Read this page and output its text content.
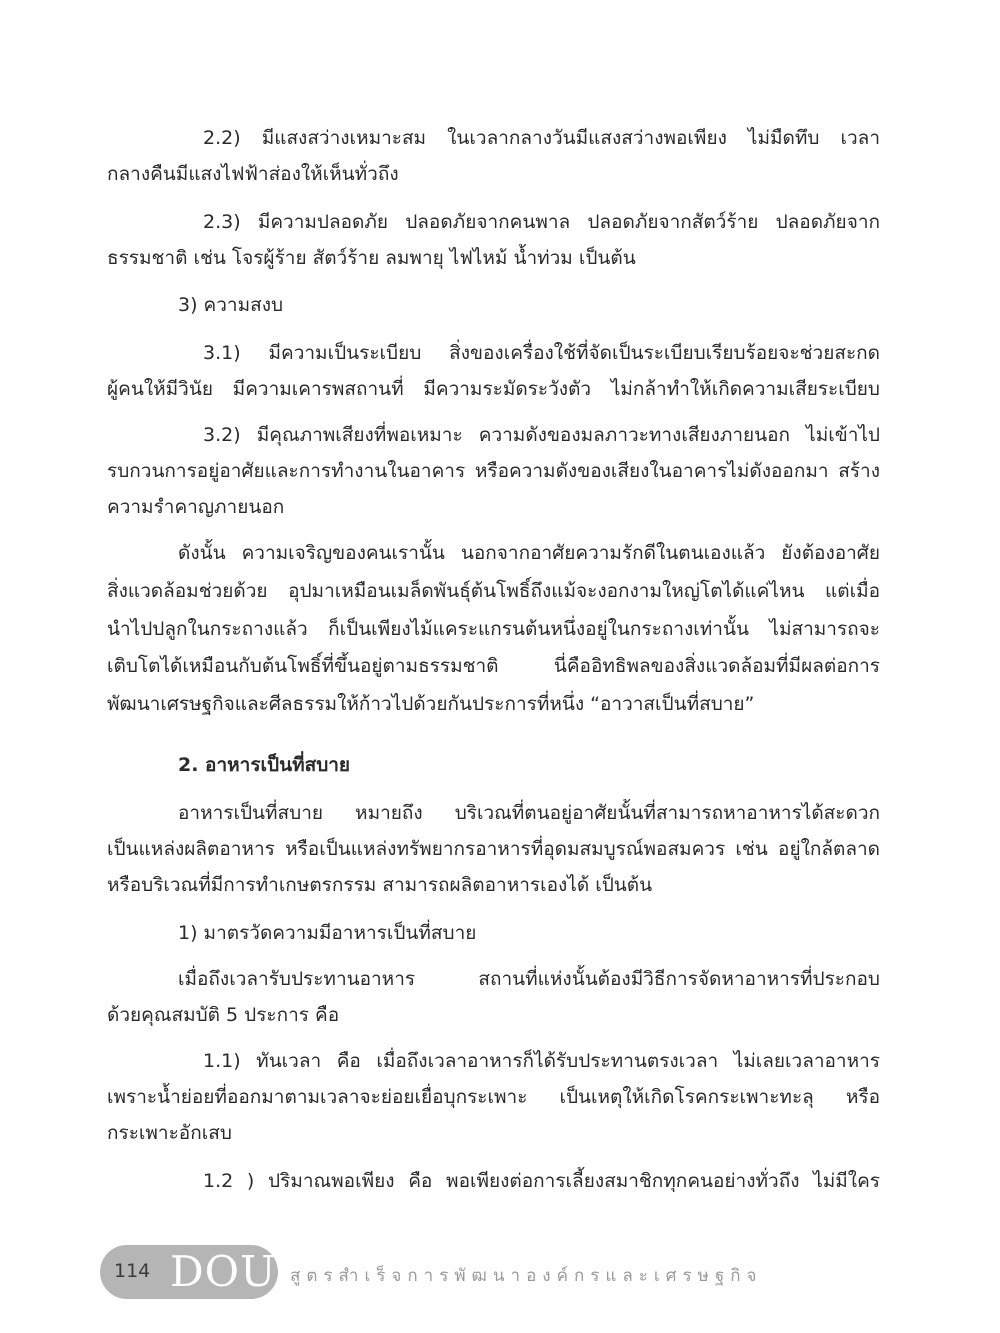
2.2) มีแสงสว่างเหมาะสม ในเวลากลางวันมีแสงสว่างพอเพียง ไม่มืดทึบ เวลา
กลางคืนมีแสงไฟฟ้าส่องให้เห็นทั่วถึง
2.3) มีความปลอดภัย ปลอดภัยจากคนพาล ปลอดภัยจากสัตว์ร้าย ปลอดภัยจาก
ธรรมชาติ เช่น โจรผู้ร้าย สัตว์ร้าย ลมพายุ ไฟไหม้ น้ำท่วม เป็นต้น
3) ความสงบ
3.1) มีความเป็นระเบียบ สิ่งของเครื่องใช้ที่จัดเป็นระเบียบเรียบร้อยจะช่วยสะกด
ผู้คนให้มีวินัย มีความเคารพสถานที่ มีความระมัดระวังตัว ไม่กล้าทำให้เกิดความเสียระเบียบ
3.2) มีคุณภาพเสียงที่พอเหมาะ ความดังของมลภาวะทางเสียงภายนอก ไม่เข้าไป
รบกวนการอยู่อาศัยและการทำงานในอาคาร หรือความดังของเสียงในอาคารไม่ดังออกมา สร้าง
ความรำคาญภายนอก
ดังนั้น ความเจริญของคนเรานั้น นอกจากอาศัยความรักดีในตนเองแล้ว ยังต้องอาศัย
สิ่งแวดล้อมช่วยด้วย อุปมาเหมือนเมล็ดพันธุ์ต้นโพธิ์ถึงแม้จะงอกงามใหญ่โตได้แค่ไหน แต่เมื่อ
นำไปปลูกในกระถางแล้ว ก็เป็นเพียงไม้แคระแกรนต้นหนึ่งอยู่ในกระถางเท่านั้น ไม่สามารถจะ
เติบโตได้เหมือนกับต้นโพธิ์ที่ขึ้นอยู่ตามธรรมชาติ นี่คืออิทธิพลของสิ่งแวดล้อมที่มีผลต่อการ
พัฒนาเศรษฐกิจและศีลธรรมให้ก้าวไปด้วยกันประการที่หนึ่ง “อาวาสเป็นที่สบาย”
2. อาหารเป็นที่สบาย
อาหารเป็นที่สบาย หมายถึง บริเวณที่ตนอยู่อาศัยนั้นที่สามารถหาอาหารได้สะดวก
เป็นแหล่งผลิตอาหาร หรือเป็นแหล่งทรัพยากรอาหารที่อุดมสมบูรณ์พอสมควร เช่น อยู่ใกล้ตลาด
หรือบริเวณที่มีการทำเกษตรกรรม สามารถผลิตอาหารเองได้ เป็นต้น
1) มาตรวัดความมีอาหารเป็นที่สบาย
เมื่อถึงเวลารับประทานอาหาร สถานที่แห่งนั้นต้องมีวิธีการจัดหาอาหารที่ประกอบ
ด้วยคุณสมบัติ 5 ประการ คือ
1.1) ทันเวลา คือ เมื่อถึงเวลาอาหารก็ได้รับประทานตรงเวลา ไม่เลยเวลาอาหาร
เพราะน้ำย่อยที่ออกมาตามเวลาจะย่อยเยื่อบุกระเพาะ เป็นเหตุให้เกิดโรคกระเพาะทะลุ หรือ
กระเพาะอักเสบ
1.2 ) ปริมาณพอเพียง คือ พอเพียงต่อการเลี้ยงสมาชิกทุกคนอย่างทั่วถึง ไม่มีใคร
114 DOU สูตรสำเร็จการพัฒนาองค์กรและเศรษฐกิจ
